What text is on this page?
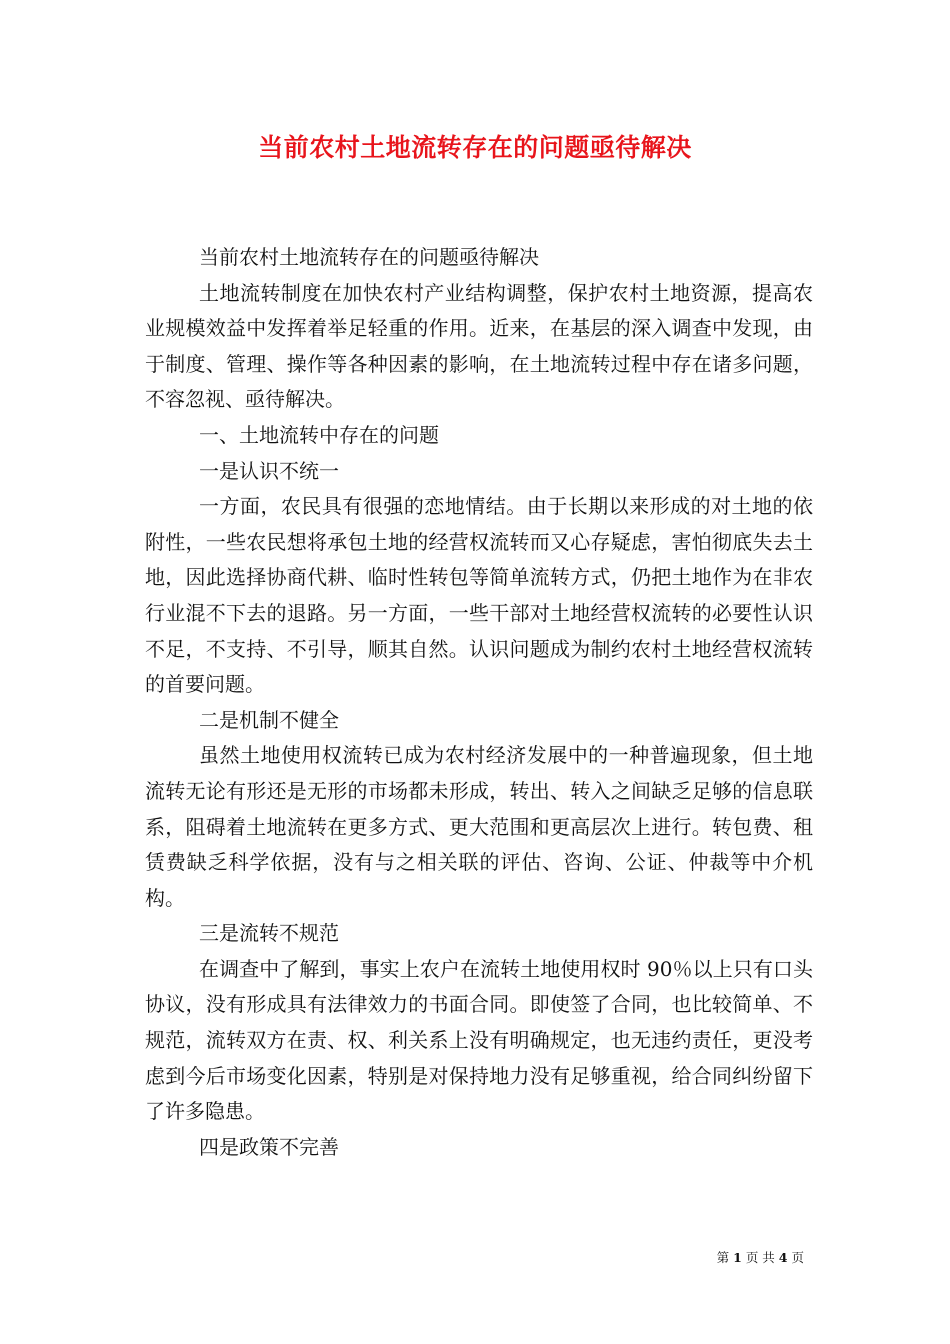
当前农村土地流转存在的问题亟待解决

当前农村土地流转存在的问题亟待解决

土地流转制度在加快农村产业结构调整，保护农村土地资源，提高农业规模效益中发挥着举足轻重的作用。近来，在基层的深入调查中发现，由于制度、管理、操作等各种因素的影响，在土地流转过程中存在诸多问题，不容忽视、亟待解决。

一、土地流转中存在的问题

一是认识不统一

一方面，农民具有很强的恋地情结。由于长期以来形成的对土地的依附性，一些农民想将承包土地的经营权流转而又心存疑虑，害怕彻底失去土地，因此选择协商代耕、临时性转包等简单流转方式，仍把土地作为在非农行业混不下去的退路。另一方面，一些干部对土地经营权流转的必要性认识不足，不支持、不引导，顺其自然。认识问题成为制约农村土地经营权流转的首要问题。

二是机制不健全

虽然土地使用权流转已成为农村经济发展中的一种普遍现象，但土地流转无论有形还是无形的市场都未形成，转出、转入之间缺乏足够的信息联系，阻碍着土地流转在更多方式、更大范围和更高层次上进行。转包费、租赁费缺乏科学依据，没有与之相关联的评估、咨询、公证、仲裁等中介机构。

三是流转不规范

在调查中了解到，事实上农户在流转土地使用权时 90％以上只有口头协议，没有形成具有法律效力的书面合同。即使签了合同，也比较简单、不规范，流转双方在责、权、利关系上没有明确规定，也无违约责任，更没考虑到今后市场变化因素，特别是对保持地力没有足够重视，给合同纠纷留下了许多隐患。

四是政策不完善

第 1 页 共 4 页
